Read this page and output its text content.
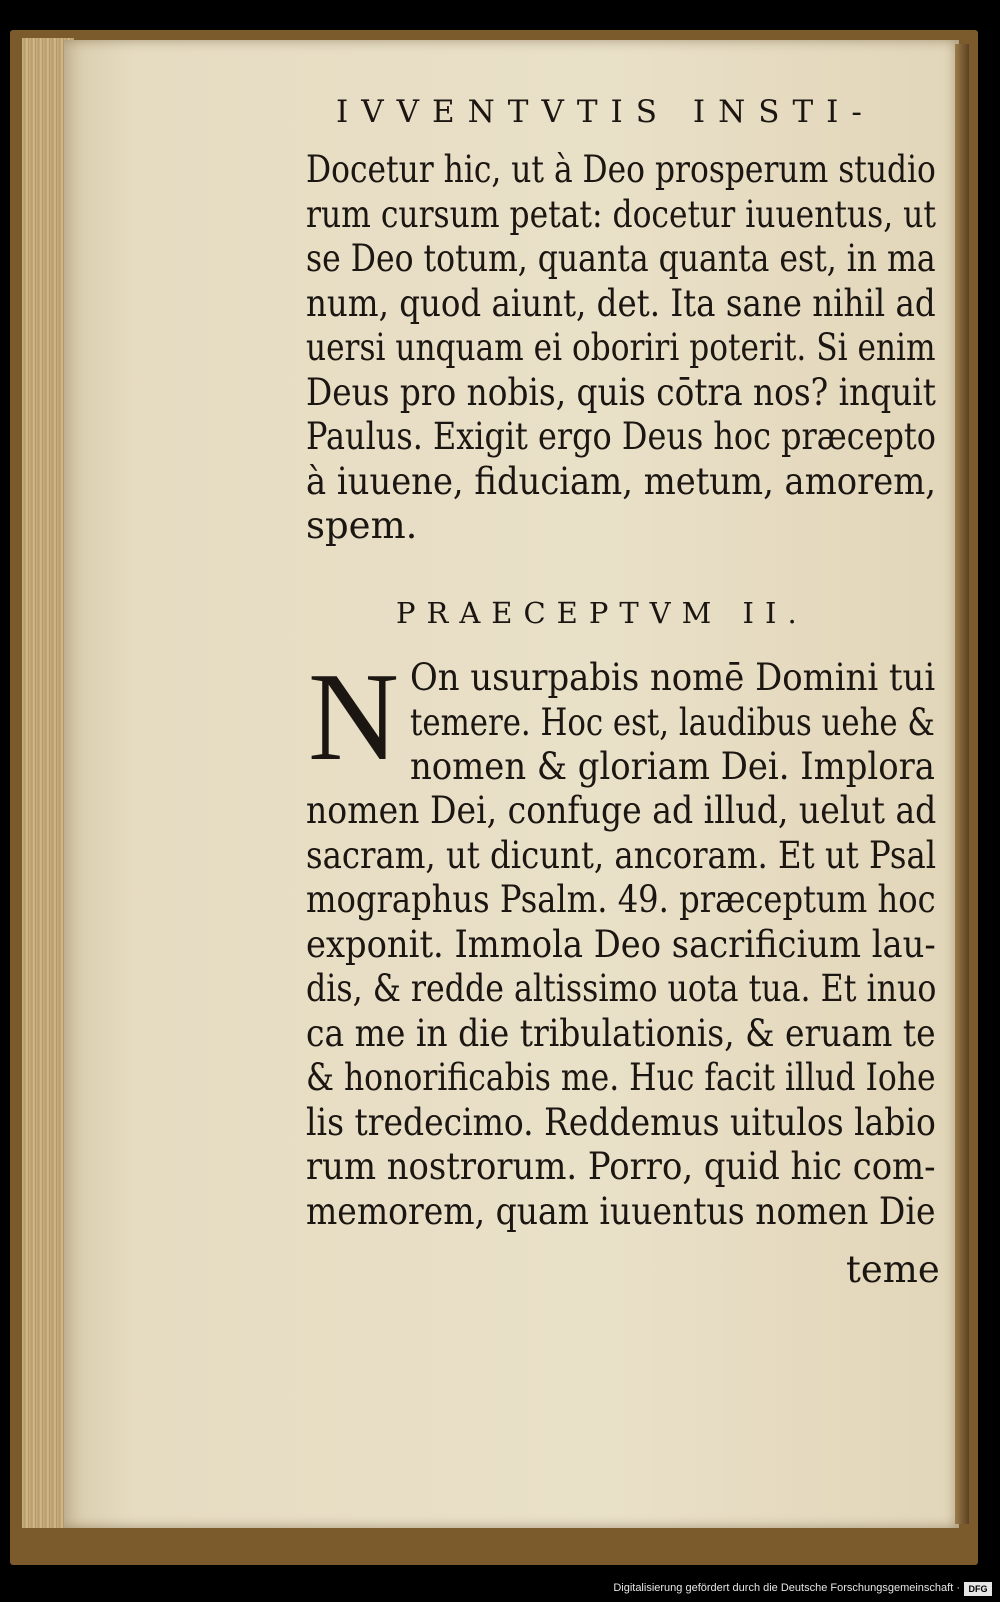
IVVENTVTIS INSTI-
Docetur hic, ut à Deo prosperum studio
rum cursum petat: docetur iuuentus, ut
se Deo totum, quanta quanta est, in ma
num, quod aiunt, det. Ita sane nihil ad
uersi unquam ei oboriri poterit. Si enim
Deus pro nobis, quis cōtra nos? inquit
Paulus. Exigit ergo Deus hoc præcepto
à iuuene, fiduciam, metum, amorem,
spem.
PRAECEPTVM II.
N On usurpabis nomē Domini tui
temere. Hoc est, laudibus uehe &
nomen & gloriam Dei. Implora
nomen Dei, confuge ad illud, uelut ad
sacram, ut dicunt, ancoram. Et ut Psal
mographus Psalm. 49. præceptum hoc
exponit. Immola Deo sacrificium lau-
dis, & redde altissimo uota tua. Et inuo
ca me in die tribulationis, & eruam te
& honorificabis me. Huc facit illud Iohe
lis tredecimo. Reddemus uitulos labio
rum nostrorum. Porro, quid hic com-
memorem, quam iuuentus nomen Die
teme
Digitalisierung gefördert durch die Deutsche Forschungsgemeinschaft · DFG
